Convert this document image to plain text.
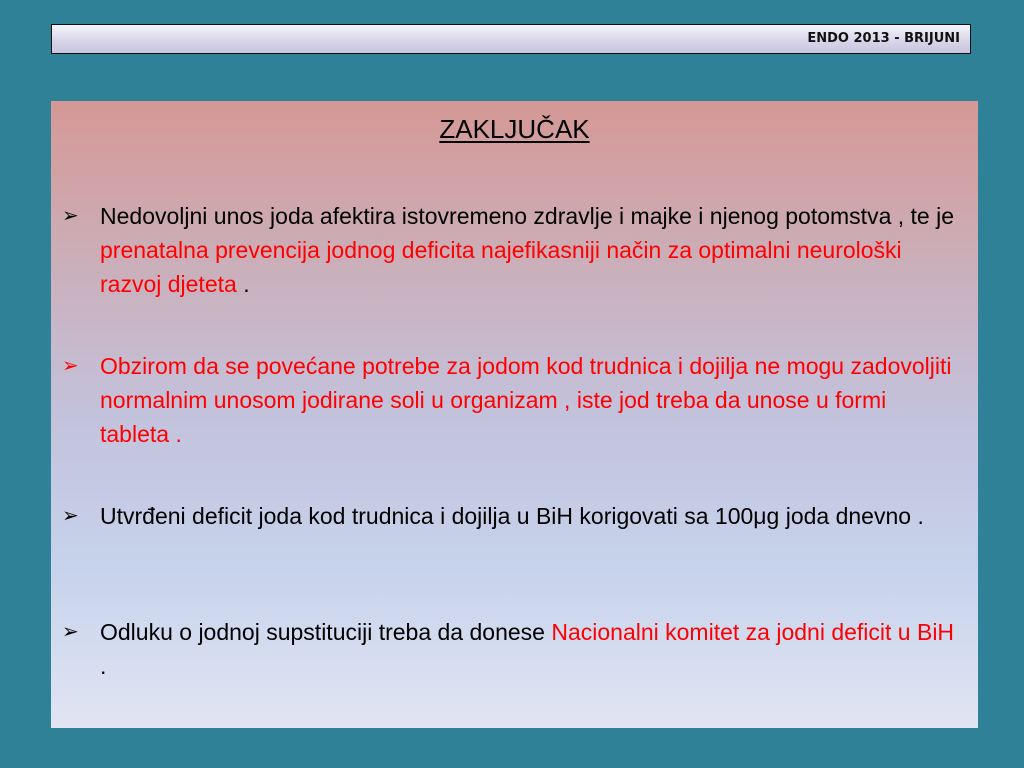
ENDO 2013 - BRIJUNI
ZAKLJUČAK
➢ Nedovoljni unos joda afektira istovremeno zdravlje i majke i njenog potomstva , te je prenatalna prevencija jodnog deficita najefikasniji način za optimalni neurološki razvoj djeteta .
➢ Obzirom da se povećane potrebe za jodom kod trudnica i dojilja ne mogu zadovoljiti normalnim unosom jodirane soli u organizam , iste jod treba da unose u formi tableta .
➢ Utvrđeni deficit joda kod trudnica i dojilja u BiH korigovati sa 100μg joda dnevno .
➢ Odluku o jodnoj supstituciji treba da donese Nacionalni komitet za jodni deficit u BiH .
